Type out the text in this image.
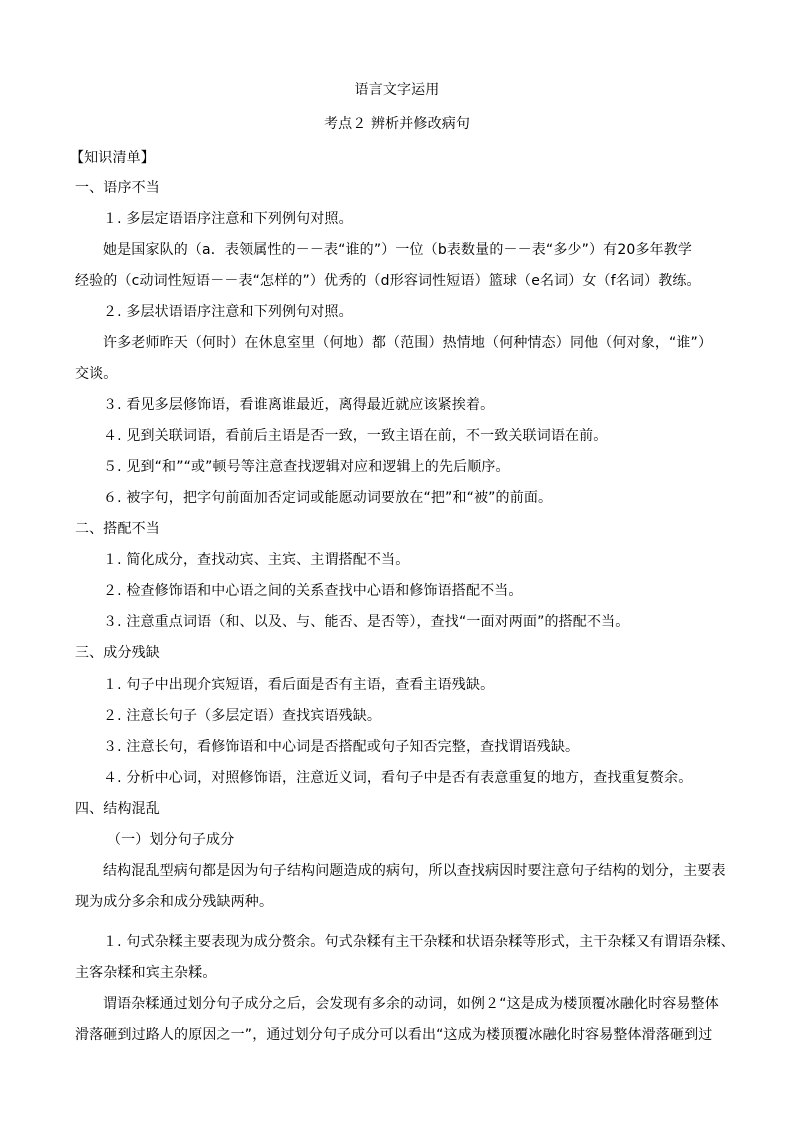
语言文字运用
考点２ 辨析并修改病句
【知识清单】
一、语序不当
１. 多层定语语序注意和下列例句对照。
她是国家队的（a．表领属性的－－表“谁的”）一位（b表数量的－－表“多少”）有20多年教学
经验的（c动词性短语－－表“怎样的”）优秀的（d形容词性短语）篮球（e名词）女（f名词）教练。
２. 多层状语语序注意和下列例句对照。
许多老师昨天（何时）在休息室里（何地）都（范围）热情地（何种情态）同他（何对象，“谁”）
交谈。
３. 看见多层修饰语，看谁离谁最近，离得最近就应该紧挨着。
４. 见到关联词语，看前后主语是否一致，一致主语在前，不一致关联词语在前。
５. 见到“和”“或”顿号等注意查找逻辑对应和逻辑上的先后顺序。
６. 被字句，把字句前面加否定词或能愿动词要放在“把”和“被”的前面。
二、搭配不当
１. 简化成分，查找动宾、主宾、主谓搭配不当。
２. 检查修饰语和中心语之间的关系查找中心语和修饰语搭配不当。
３. 注意重点词语（和、以及、与、能否、是否等），查找“一面对两面”的搭配不当。
三、成分残缺
１. 句子中出现介宾短语，看后面是否有主语，查看主语残缺。
２. 注意长句子（多层定语）查找宾语残缺。
３. 注意长句，看修饰语和中心词是否搭配或句子知否完整，查找谓语残缺。
４. 分析中心词，对照修饰语，注意近义词，看句子中是否有表意重复的地方，查找重复赘余。
四、结构混乱
（一）划分句子成分
结构混乱型病句都是因为句子结构问题造成的病句，所以查找病因时要注意句子结构的划分，主要表
现为成分多余和成分残缺两种。
１. 句式杂糅主要表现为成分赘余。句式杂糅有主干杂糅和状语杂糅等形式，主干杂糅又有谓语杂糅、
主客杂糅和宾主杂糅。
谓语杂糅通过划分句子成分之后，会发现有多余的动词，如例２“这是成为楼顶覆冰融化时容易整体
滑落砸到过路人的原因之一”，通过划分句子成分可以看出“这成为楼顶覆冰融化时容易整体滑落砸到过
